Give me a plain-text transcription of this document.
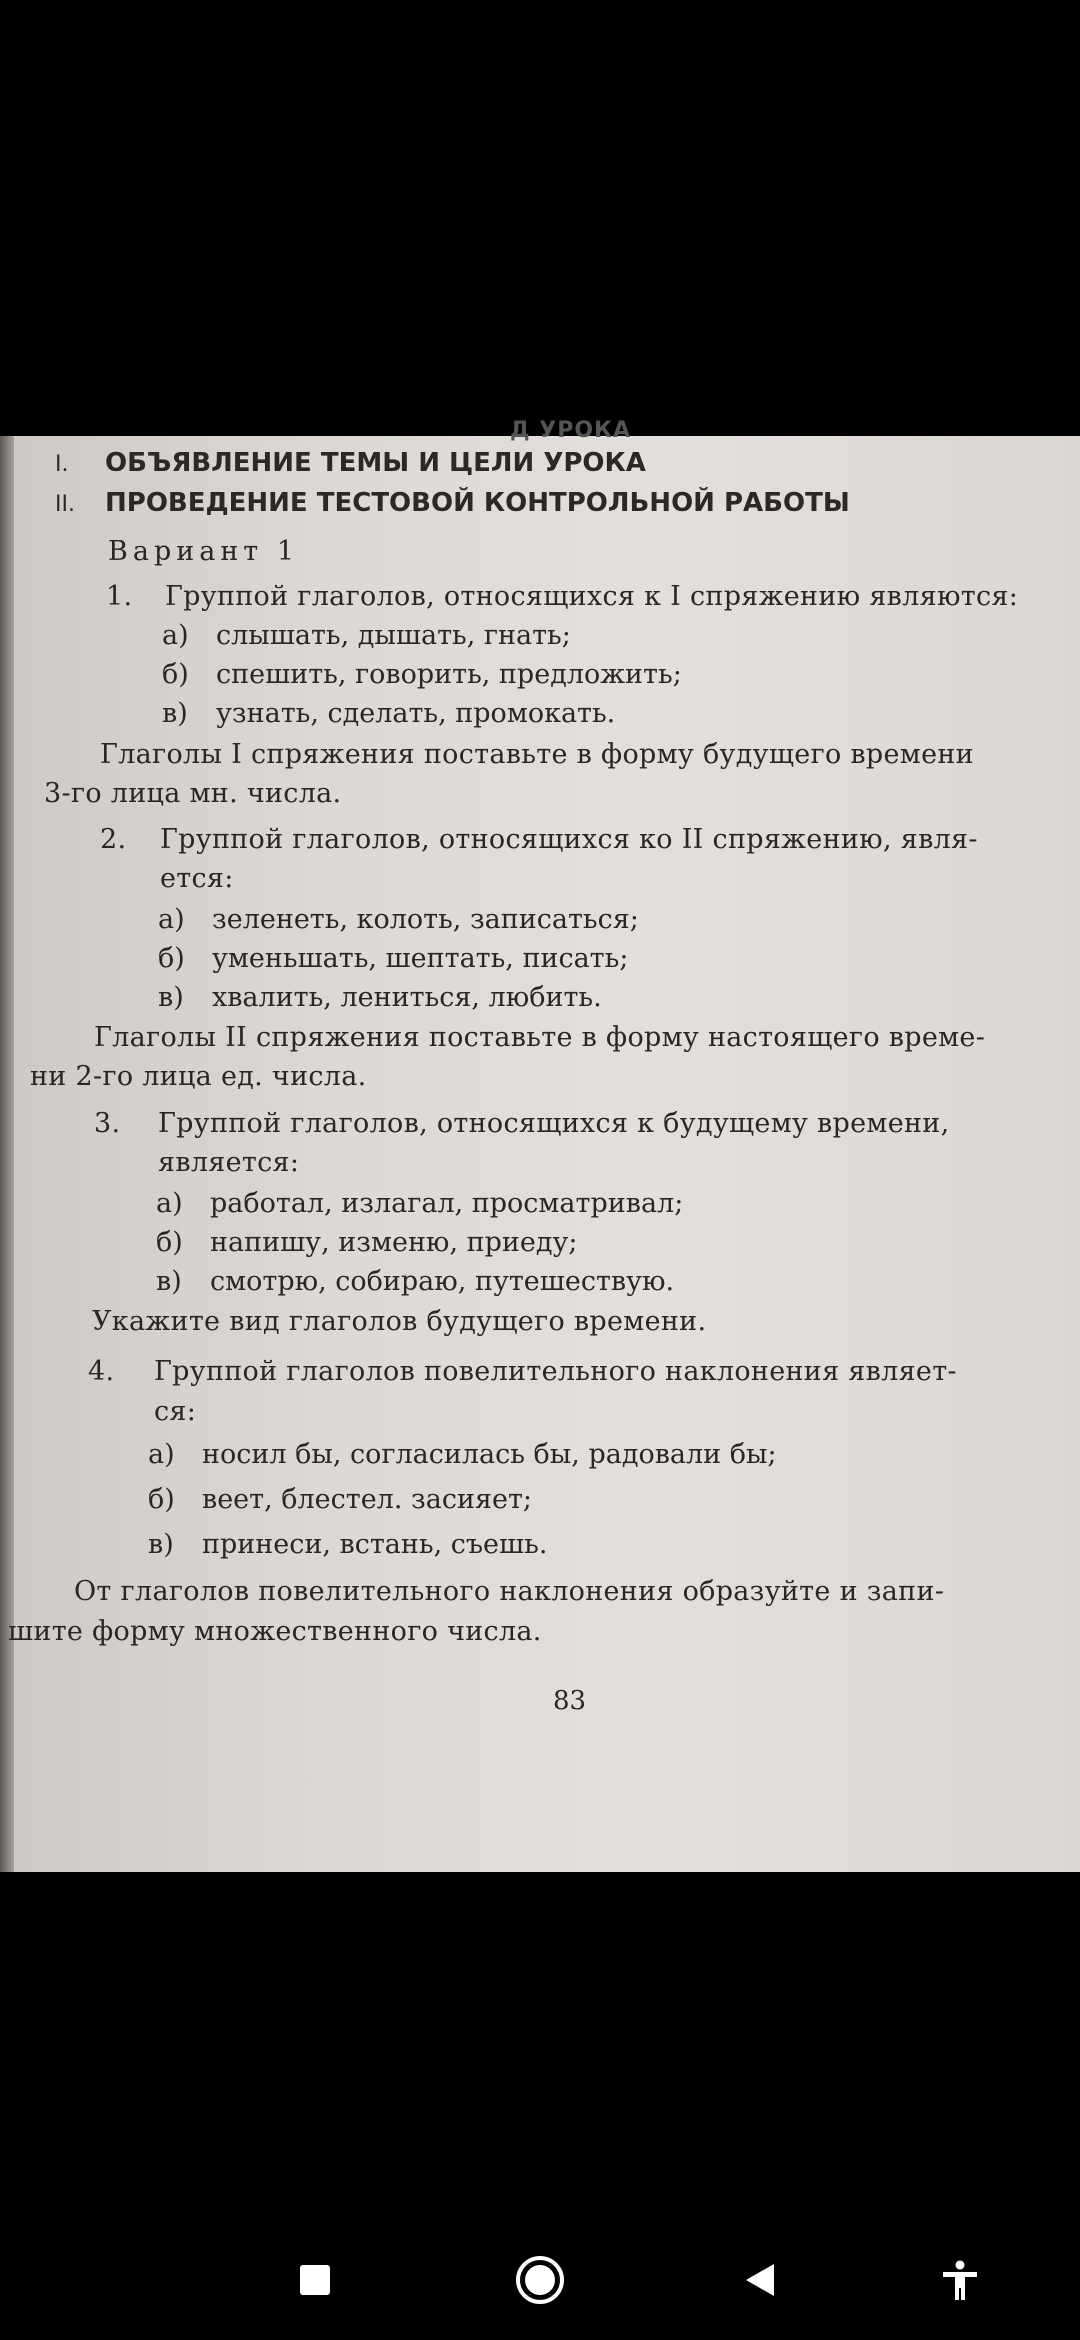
Д УРОКА
I. ОБЪЯВЛЕНИЕ ТЕМЫ И ЦЕЛИ УРОКА
II. ПРОВЕДЕНИЕ ТЕСТОВОЙ КОНТРОЛЬНОЙ РАБОТЫ
Вариант 1
1. Группой глаголов, относящихся к I спряжению являются:
а) слышать, дышать, гнать;
б) спешить, говорить, предложить;
в) узнать, сделать, промокать.
Глаголы I спряжения поставьте в форму будущего времени
3-го лица мн. числа.
2. Группой глаголов, относящихся ко II спряжению, явля-
ется:
а) зеленеть, колоть, записаться;
б) уменьшать, шептать, писать;
в) хвалить, лениться, любить.
Глаголы II спряжения поставьте в форму настоящего време-
ни 2-го лица ед. числа.
3. Группой глаголов, относящихся к будущему времени,
является:
а) работал, излагал, просматривал;
б) напишу, изменю, приеду;
в) смотрю, собираю, путешествую.
Укажите вид глаголов будущего времени.
4. Группой глаголов повелительного наклонения являет-
ся:
а) носил бы, согласилась бы, радовали бы;
б) веет, блестел. засияет;
в) принеси, встань, съешь.
От глаголов повелительного наклонения образуйте и запи-
шите форму множественного числа.
83
